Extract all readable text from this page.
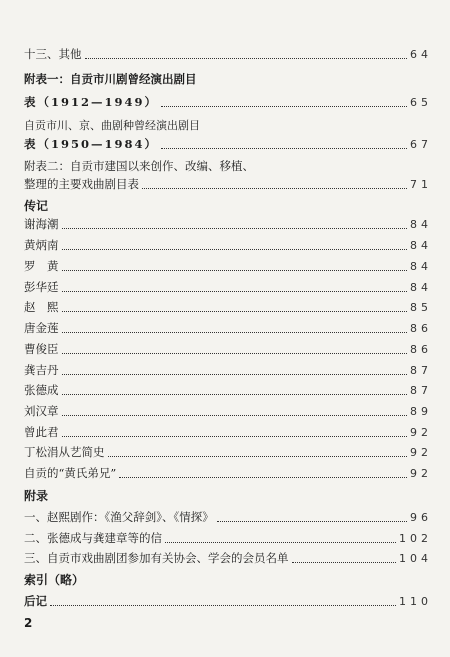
十三、其他	64
附表一：自贡市川剧曾经演出剧目
表（1912—1949）	65
自贡市川、京、曲剧种曾经演出剧目
表（1950—1984）	67
附表二：自贡市建国以来创作、改编、移植、
整理的主要戏曲剧目表	71
传记
谢海潮	84
黄炳南	84
罗　黄	84
彭华廷	84
赵　熙	85
唐金莲	86
曹俊臣	86
龚吉丹	87
张德成	87
刘汉章	89
曾此君	92
丁松涓从艺简史	92
自贡的“黄氏弟兄”	92
附录
一、赵熙剧作：《渔父辞剑》、《情探》	96
二、张德成与龚建章等的信	102
三、自贡市戏曲剧团参加有关协会、学会的会员名单	104
索引（略）
后记	110
2
